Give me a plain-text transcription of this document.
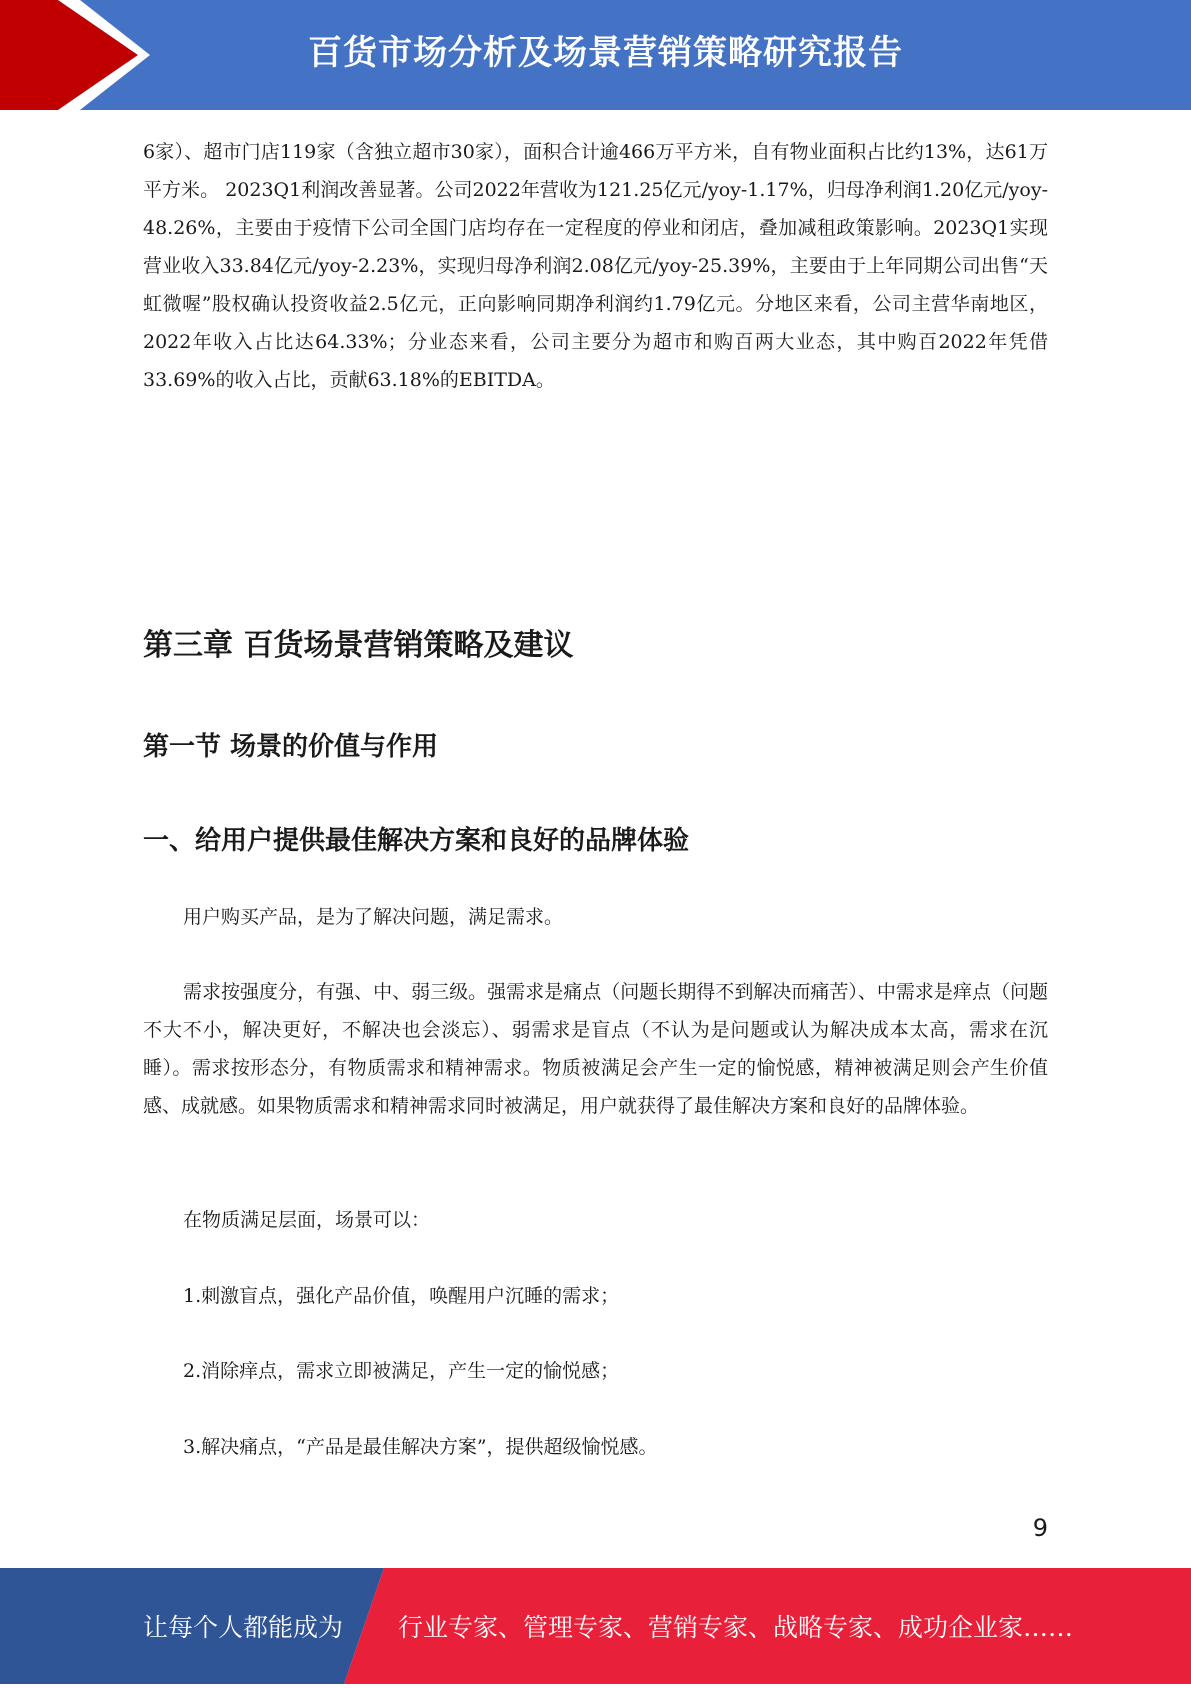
百货市场分析及场景营销策略研究报告

6家）、超市门店119家（含独立超市30家），面积合计逾466万平方米，自有物业面积占比约13%，达61万平方米。 2023Q1利润改善显著。公司2022年营收为121.25亿元/yoy-1.17%，归母净利润1.20亿元/yoy-48.26%，主要由于疫情下公司全国门店均存在一定程度的停业和闭店，叠加减租政策影响。2023Q1实现营业收入33.84亿元/yoy-2.23%，实现归母净利润2.08亿元/yoy-25.39%，主要由于上年同期公司出售“天虹微喔”股权确认投资收益2.5亿元，正向影响同期净利润约1.79亿元。分地区来看，公司主营华南地区，2022年收入占比达64.33%；分业态来看，公司主要分为超市和购百两大业态，其中购百2022年凭借33.69%的收入占比，贡献63.18%的EBITDA。

第三章 百货场景营销策略及建议
第一节 场景的价值与作用
一、给用户提供最佳解决方案和良好的品牌体验

用户购买产品，是为了解决问题，满足需求。

需求按强度分，有强、中、弱三级。强需求是痛点（问题长期得不到解决而痛苦）、中需求是痒点（问题不大不小，解决更好，不解决也会淡忘）、弱需求是盲点（不认为是问题或认为解决成本太高，需求在沉睡）。需求按形态分，有物质需求和精神需求。物质被满足会产生一定的愉悦感，精神被满足则会产生价值感、成就感。如果物质需求和精神需求同时被满足，用户就获得了最佳解决方案和良好的品牌体验。

在物质满足层面，场景可以：

1.刺激盲点，强化产品价值，唤醒用户沉睡的需求；

2.消除痒点，需求立即被满足，产生一定的愉悦感；

3.解决痛点，“产品是最佳解决方案”，提供超级愉悦感。

9
让每个人都能成为 行业专家、管理专家、营销专家、战略专家、成功企业家……
